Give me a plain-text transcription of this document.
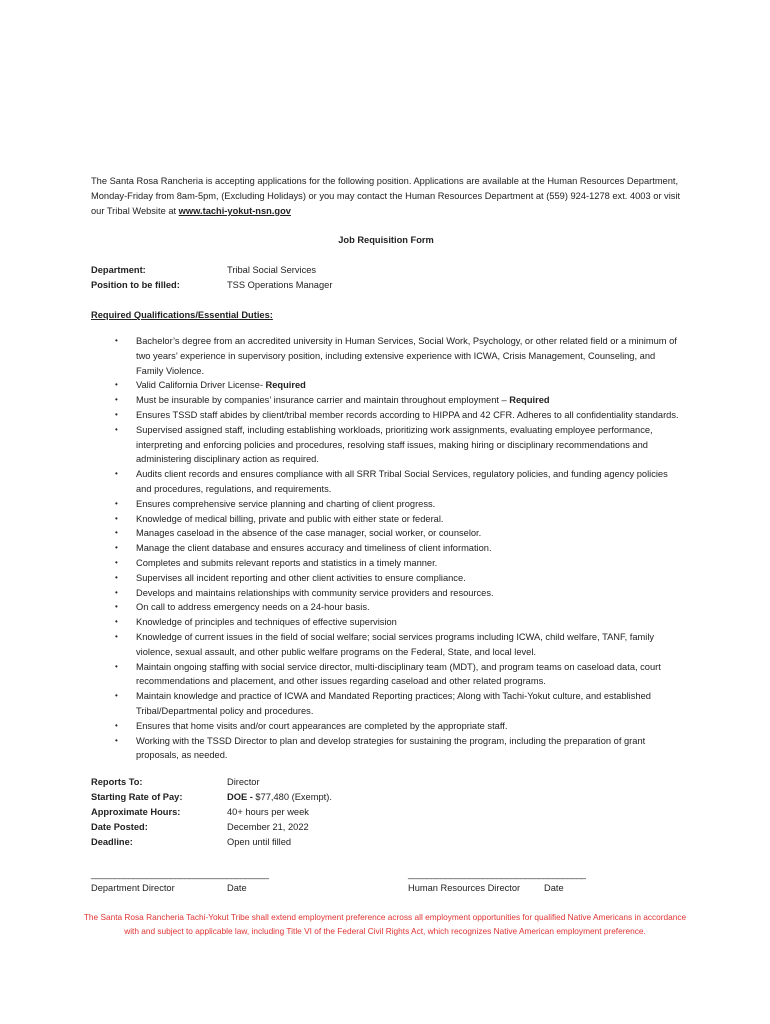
The Santa Rosa Rancheria is accepting applications for the following position. Applications are available at the Human Resources Department, Monday-Friday from 8am-5pm, (Excluding Holidays) or you may contact the Human Resources Department at (559) 924-1278 ext. 4003 or visit our Tribal Website at www.tachi-yokut-nsn.gov

Job Requisition Form

Department:	Tribal Social Services
Position to be filled:	TSS Operations Manager

Required Qualifications/Essential Duties:

• Bachelor’s degree from an accredited university in Human Services, Social Work, Psychology, or other related field or a minimum of two years’ experience in supervisory position, including extensive experience with ICWA, Crisis Management, Counseling, and Family Violence.
• Valid California Driver License- Required
• Must be insurable by companies’ insurance carrier and maintain throughout employment – Required
• Ensures TSSD staff abides by client/tribal member records according to HIPPA and 42 CFR. Adheres to all confidentiality standards.
• Supervised assigned staff, including establishing workloads, prioritizing work assignments, evaluating employee performance, interpreting and enforcing policies and procedures, resolving staff issues, making hiring or disciplinary recommendations and administering disciplinary action as required.
• Audits client records and ensures compliance with all SRR Tribal Social Services, regulatory policies, and funding agency policies and procedures, regulations, and requirements.
• Ensures comprehensive service planning and charting of client progress.
• Knowledge of medical billing, private and public with either state or federal.
• Manages caseload in the absence of the case manager, social worker, or counselor.
• Manage the client database and ensures accuracy and timeliness of client information.
• Completes and submits relevant reports and statistics in a timely manner.
• Supervises all incident reporting and other client activities to ensure compliance.
• Develops and maintains relationships with community service providers and resources.
• On call to address emergency needs on a 24-hour basis.
• Knowledge of principles and techniques of effective supervision
• Knowledge of current issues in the field of social welfare; social services programs including ICWA, child welfare, TANF, family violence, sexual assault, and other public welfare programs on the Federal, State, and local level.
• Maintain ongoing staffing with social service director, multi-disciplinary team (MDT), and program teams on caseload data, court recommendations and placement, and other issues regarding caseload and other related programs.
• Maintain knowledge and practice of ICWA and Mandated Reporting practices; Along with Tachi-Yokut culture, and established Tribal/Departmental policy and procedures.
• Ensures that home visits and/or court appearances are completed by the appropriate staff.
• Working with the TSSD Director to plan and develop strategies for sustaining the program, including the preparation of grant proposals, as needed.
Reports To:	Director
Starting Rate of Pay:	DOE - $77,480 (Exempt).
Approximate Hours:	40+ hours per week
Date Posted:	December 21, 2022
Deadline:	Open until filled
______________________________________
Department Director	Date
______________________________________
Human Resources Director	Date

The Santa Rosa Rancheria Tachi-Yokut Tribe shall extend employment preference across all employment opportunities for qualified Native Americans in accordance with and subject to applicable law, including Title VI of the Federal Civil Rights Act, which recognizes Native American employment preference.
